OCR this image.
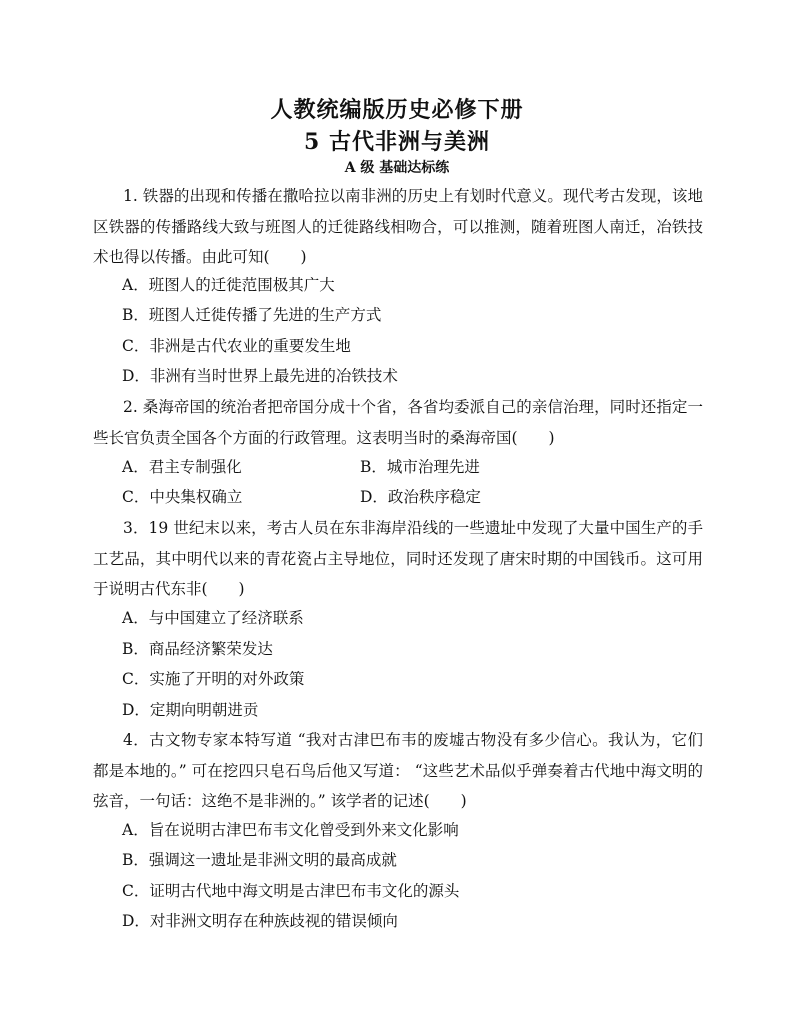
人教统编版历史必修下册
5 古代非洲与美洲
A 级 基础达标练
1. 铁器的出现和传播在撒哈拉以南非洲的历史上有划时代意义。现代考古发现，该地区铁器的传播路线大致与班图人的迁徙路线相吻合，可以推测，随着班图人南迁，冶铁技术也得以传播。由此可知(　　)
A．班图人的迁徙范围极其广大
B．班图人迁徙传播了先进的生产方式
C．非洲是古代农业的重要发生地
D．非洲有当时世界上最先进的冶铁技术
2. 桑海帝国的统治者把帝国分成十个省，各省均委派自己的亲信治理，同时还指定一些长官负责全国各个方面的行政管理。这表明当时的桑海帝国(　　)
A．君主专制强化	B．城市治理先进
C．中央集权确立	D．政治秩序稳定
3．19 世纪末以来，考古人员在东非海岸沿线的一些遗址中发现了大量中国生产的手工艺品，其中明代以来的青花瓷占主导地位，同时还发现了唐宋时期的中国钱币。这可用于说明古代东非(　　)
A．与中国建立了经济联系
B．商品经济繁荣发达
C．实施了开明的对外政策
D．定期向明朝进贡
4．古文物专家本特写道 “我对古津巴布韦的废墟古物没有多少信心。我认为，它们都是本地的。” 可在挖四只皂石鸟后他又写道： “这些艺术品似乎弹奏着古代地中海文明的弦音，一句话：这绝不是非洲的。” 该学者的记述(　　)
A．旨在说明古津巴布韦文化曾受到外来文化影响
B．强调这一遗址是非洲文明的最高成就
C．证明古代地中海文明是古津巴布韦文化的源头
D．对非洲文明存在种族歧视的错误倾向
